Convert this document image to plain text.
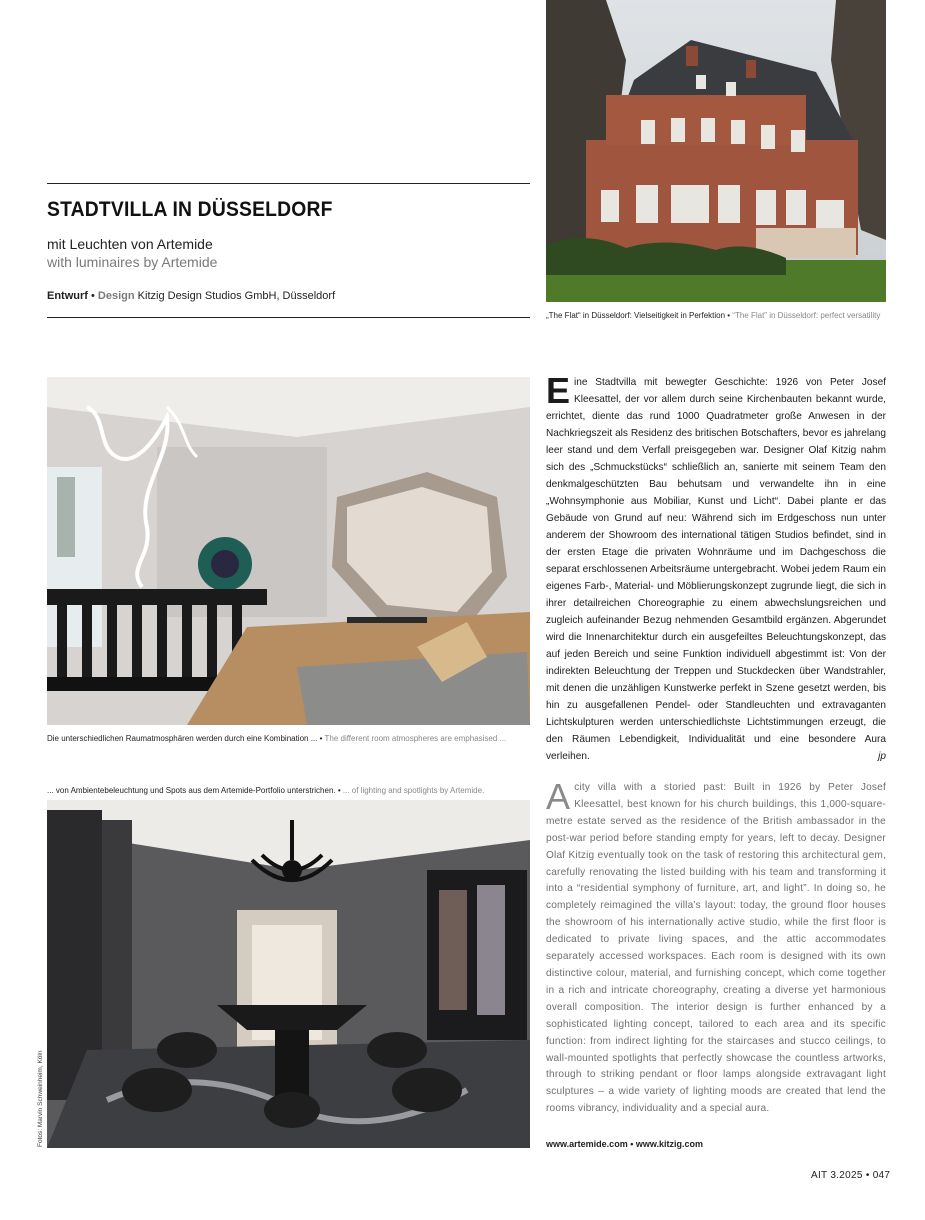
STADTVILLA IN DÜSSELDORF
mit Leuchten von Artemide
with luminaires by Artemide
Entwurf • Design Kitzig Design Studios GmbH, Düsseldorf
„The Flat“ in Düsseldorf: Vielseitigkeit in Perfektion • “The Flat” in Düsseldorf: perfect versatility
Die unterschiedlichen Raumatmosphären werden durch eine Kombination ... • The different room atmospheres are emphasised ...
... von Ambientebeleuchtung und Spots aus dem Artemide-Portfolio unterstrichen. • ... of lighting and spotlights by Artemide.
Fotos: Marvin Schweinheim, Köln

Eine Stadtvilla mit bewegter Geschichte: 1926 von Peter Josef Kleesattel, der vor allem durch seine Kirchenbauten bekannt wurde, errichtet, diente das rund 1000 Quadratmeter große Anwesen in der Nachkriegszeit als Residenz des britischen Botschafters, bevor es jahrelang leer stand und dem Verfall preisgegeben war. Designer Olaf Kitzig nahm sich des „Schmuckstücks“ schließlich an, sanierte mit seinem Team den denkmalgeschützten Bau behutsam und verwandelte ihn in eine „Wohnsymphonie aus Mobiliar, Kunst und Licht“. Dabei plante er das Gebäude von Grund auf neu: Während sich im Erdgeschoss nun unter anderem der Showroom des international tätigen Studios befindet, sind in der ersten Etage die privaten Wohnräume und im Dachgeschoss die separat erschlossenen Arbeitsräume untergebracht. Wobei jedem Raum ein eigenes Farb-, Material- und Möblierungskonzept zugrunde liegt, die sich in ihrer detailreichen Choreographie zu einem abwechslungsreichen und zugleich aufeinander Bezug nehmenden Gesamtbild ergänzen. Abgerundet wird die Innenarchitektur durch ein ausgefeiltes Beleuchtungskonzept, das auf jeden Bereich und seine Funktion individuell abgestimmt ist: Von der indirekten Beleuchtung der Treppen und Stuckdecken über Wandstrahler, mit denen die unzähligen Kunstwerke perfekt in Szene gesetzt werden, bis hin zu ausgefallenen Pendel- oder Standleuchten und extravaganten Lichtskulpturen werden unterschiedlichste Lichtstimmungen erzeugt, die den Räumen Lebendigkeit, Individualität und eine besondere Aura verleihen.	jp

Acity villa with a storied past: Built in 1926 by Peter Josef Kleesattel, best known for his church buildings, this 1,000-square-metre estate served as the residence of the British ambassador in the post-war period before standing empty for years, left to decay. Designer Olaf Kitzig eventually took on the task of restoring this architectural gem, carefully renovating the listed building with his team and transforming it into a “residential symphony of furniture, art, and light”. In doing so, he completely reimagined the villa’s layout: today, the ground floor houses the showroom of his internationally active studio, while the first floor is dedicated to private living spaces, and the attic accommodates separately accessed workspaces. Each room is designed with its own distinctive colour, material, and furnishing concept, which come together in a rich and intricate choreography, creating a diverse yet harmonious overall composition. The interior design is further enhanced by a sophisticated lighting concept, tailored to each area and its specific function: from indirect lighting for the staircases and stucco ceilings, to wall-mounted spotlights that perfectly showcase the countless artworks, through to striking pendant or floor lamps alongside extravagant light sculptures – a wide variety of lighting moods are created that lend the rooms vibrancy, individuality and a special aura.

www.artemide.com • www.kitzig.com
AIT 3.2025 • 047
